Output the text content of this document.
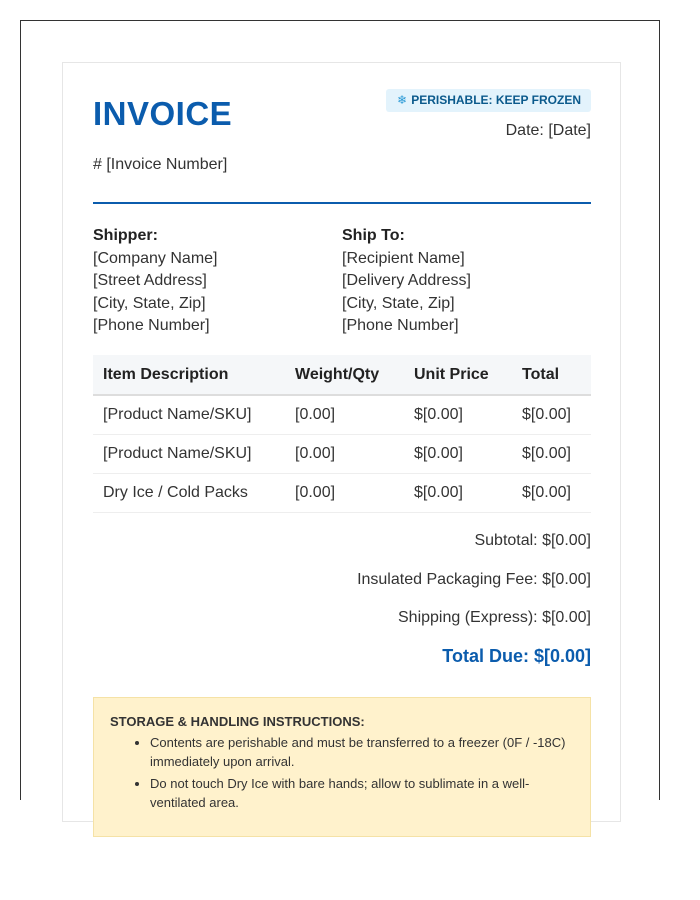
INVOICE
# [Invoice Number]
❄ PERISHABLE: KEEP FROZEN
Date: [Date]
Shipper:
[Company Name]
[Street Address]
[City, State, Zip]
[Phone Number]
Ship To:
[Recipient Name]
[Delivery Address]
[City, State, Zip]
[Phone Number]
Item Description	Weight/Qty	Unit Price	Total
[Product Name/SKU]	[0.00]	$[0.00]	$[0.00]
[Product Name/SKU]	[0.00]	$[0.00]	$[0.00]
Dry Ice / Cold Packs	[0.00]	$[0.00]	$[0.00]
Subtotal: $[0.00]
Insulated Packaging Fee: $[0.00]
Shipping (Express): $[0.00]
Total Due: $[0.00]
STORAGE & HANDLING INSTRUCTIONS:
• Contents are perishable and must be transferred to a freezer (0F / -18C) immediately upon arrival.
• Do not touch Dry Ice with bare hands; allow to sublimate in a well-ventilated area.
